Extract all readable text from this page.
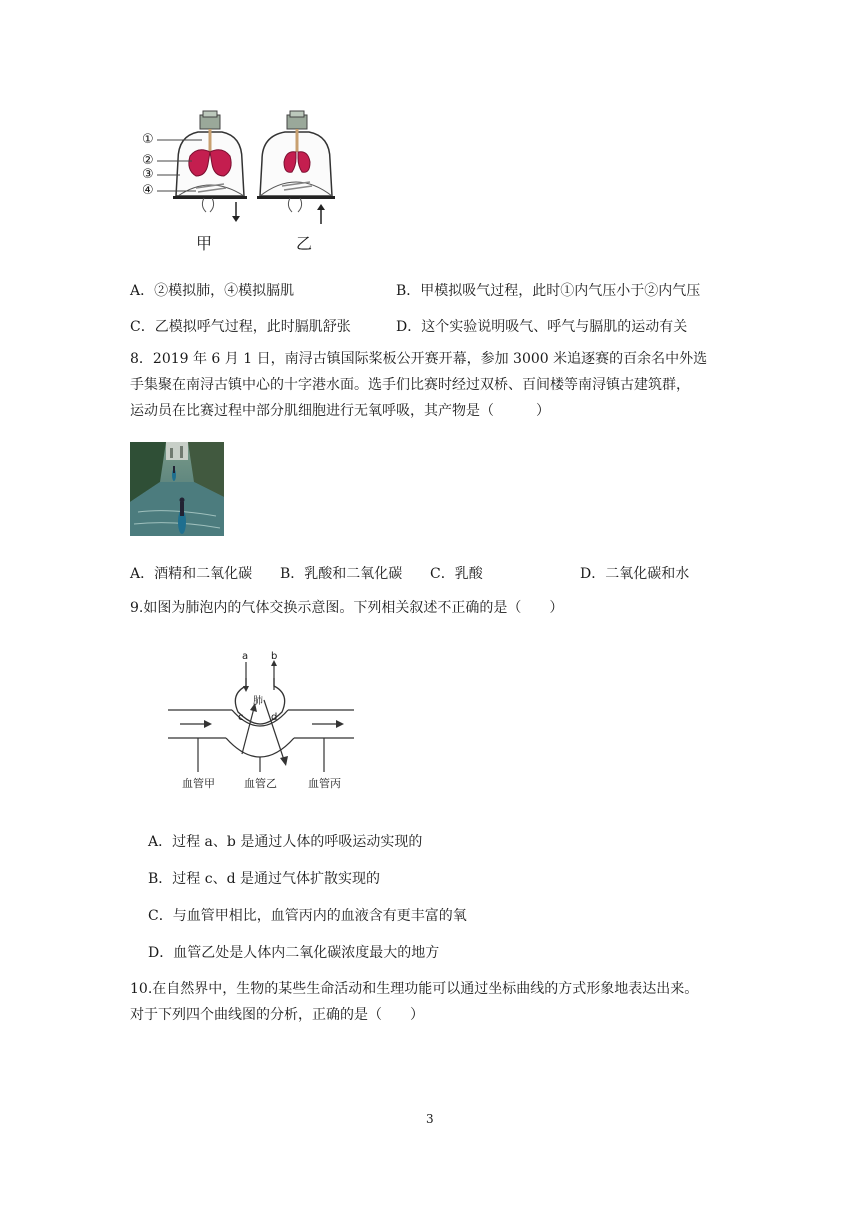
①
②
③
④
甲	乙
A．②模拟肺，④模拟膈肌	B．甲模拟吸气过程，此时①内气压小于②内气压
C．乙模拟呼气过程，此时膈肌舒张	D．这个实验说明吸气、呼气与膈肌的运动有关
8．2019 年 6 月 1 日，南浔古镇国际桨板公开赛开幕，参加 3000 米追逐赛的百余名中外选
手集聚在南浔古镇中心的十字港水面。选手们比赛时经过双桥、百间楼等南浔镇古建筑群，
运动员在比赛过程中部分肌细胞进行无氧呼吸，其产物是（　　　）
A．酒精和二氧化碳 B．乳酸和二氧化碳 C．乳酸	D．二氧化碳和水
9.如图为肺泡内的气体交换示意图。下列相关叙述不正确的是（　　）
a b
肺
c	d
血管甲	血管乙	血管丙
A．过程 a、b 是通过人体的呼吸运动实现的
B．过程 c、d 是通过气体扩散实现的
C．与血管甲相比，血管丙内的血液含有更丰富的氧
D．血管乙处是人体内二氧化碳浓度最大的地方
10.在自然界中，生物的某些生命活动和生理功能可以通过坐标曲线的方式形象地表达出来。
对于下列四个曲线图的分析，正确的是（　　）
3
